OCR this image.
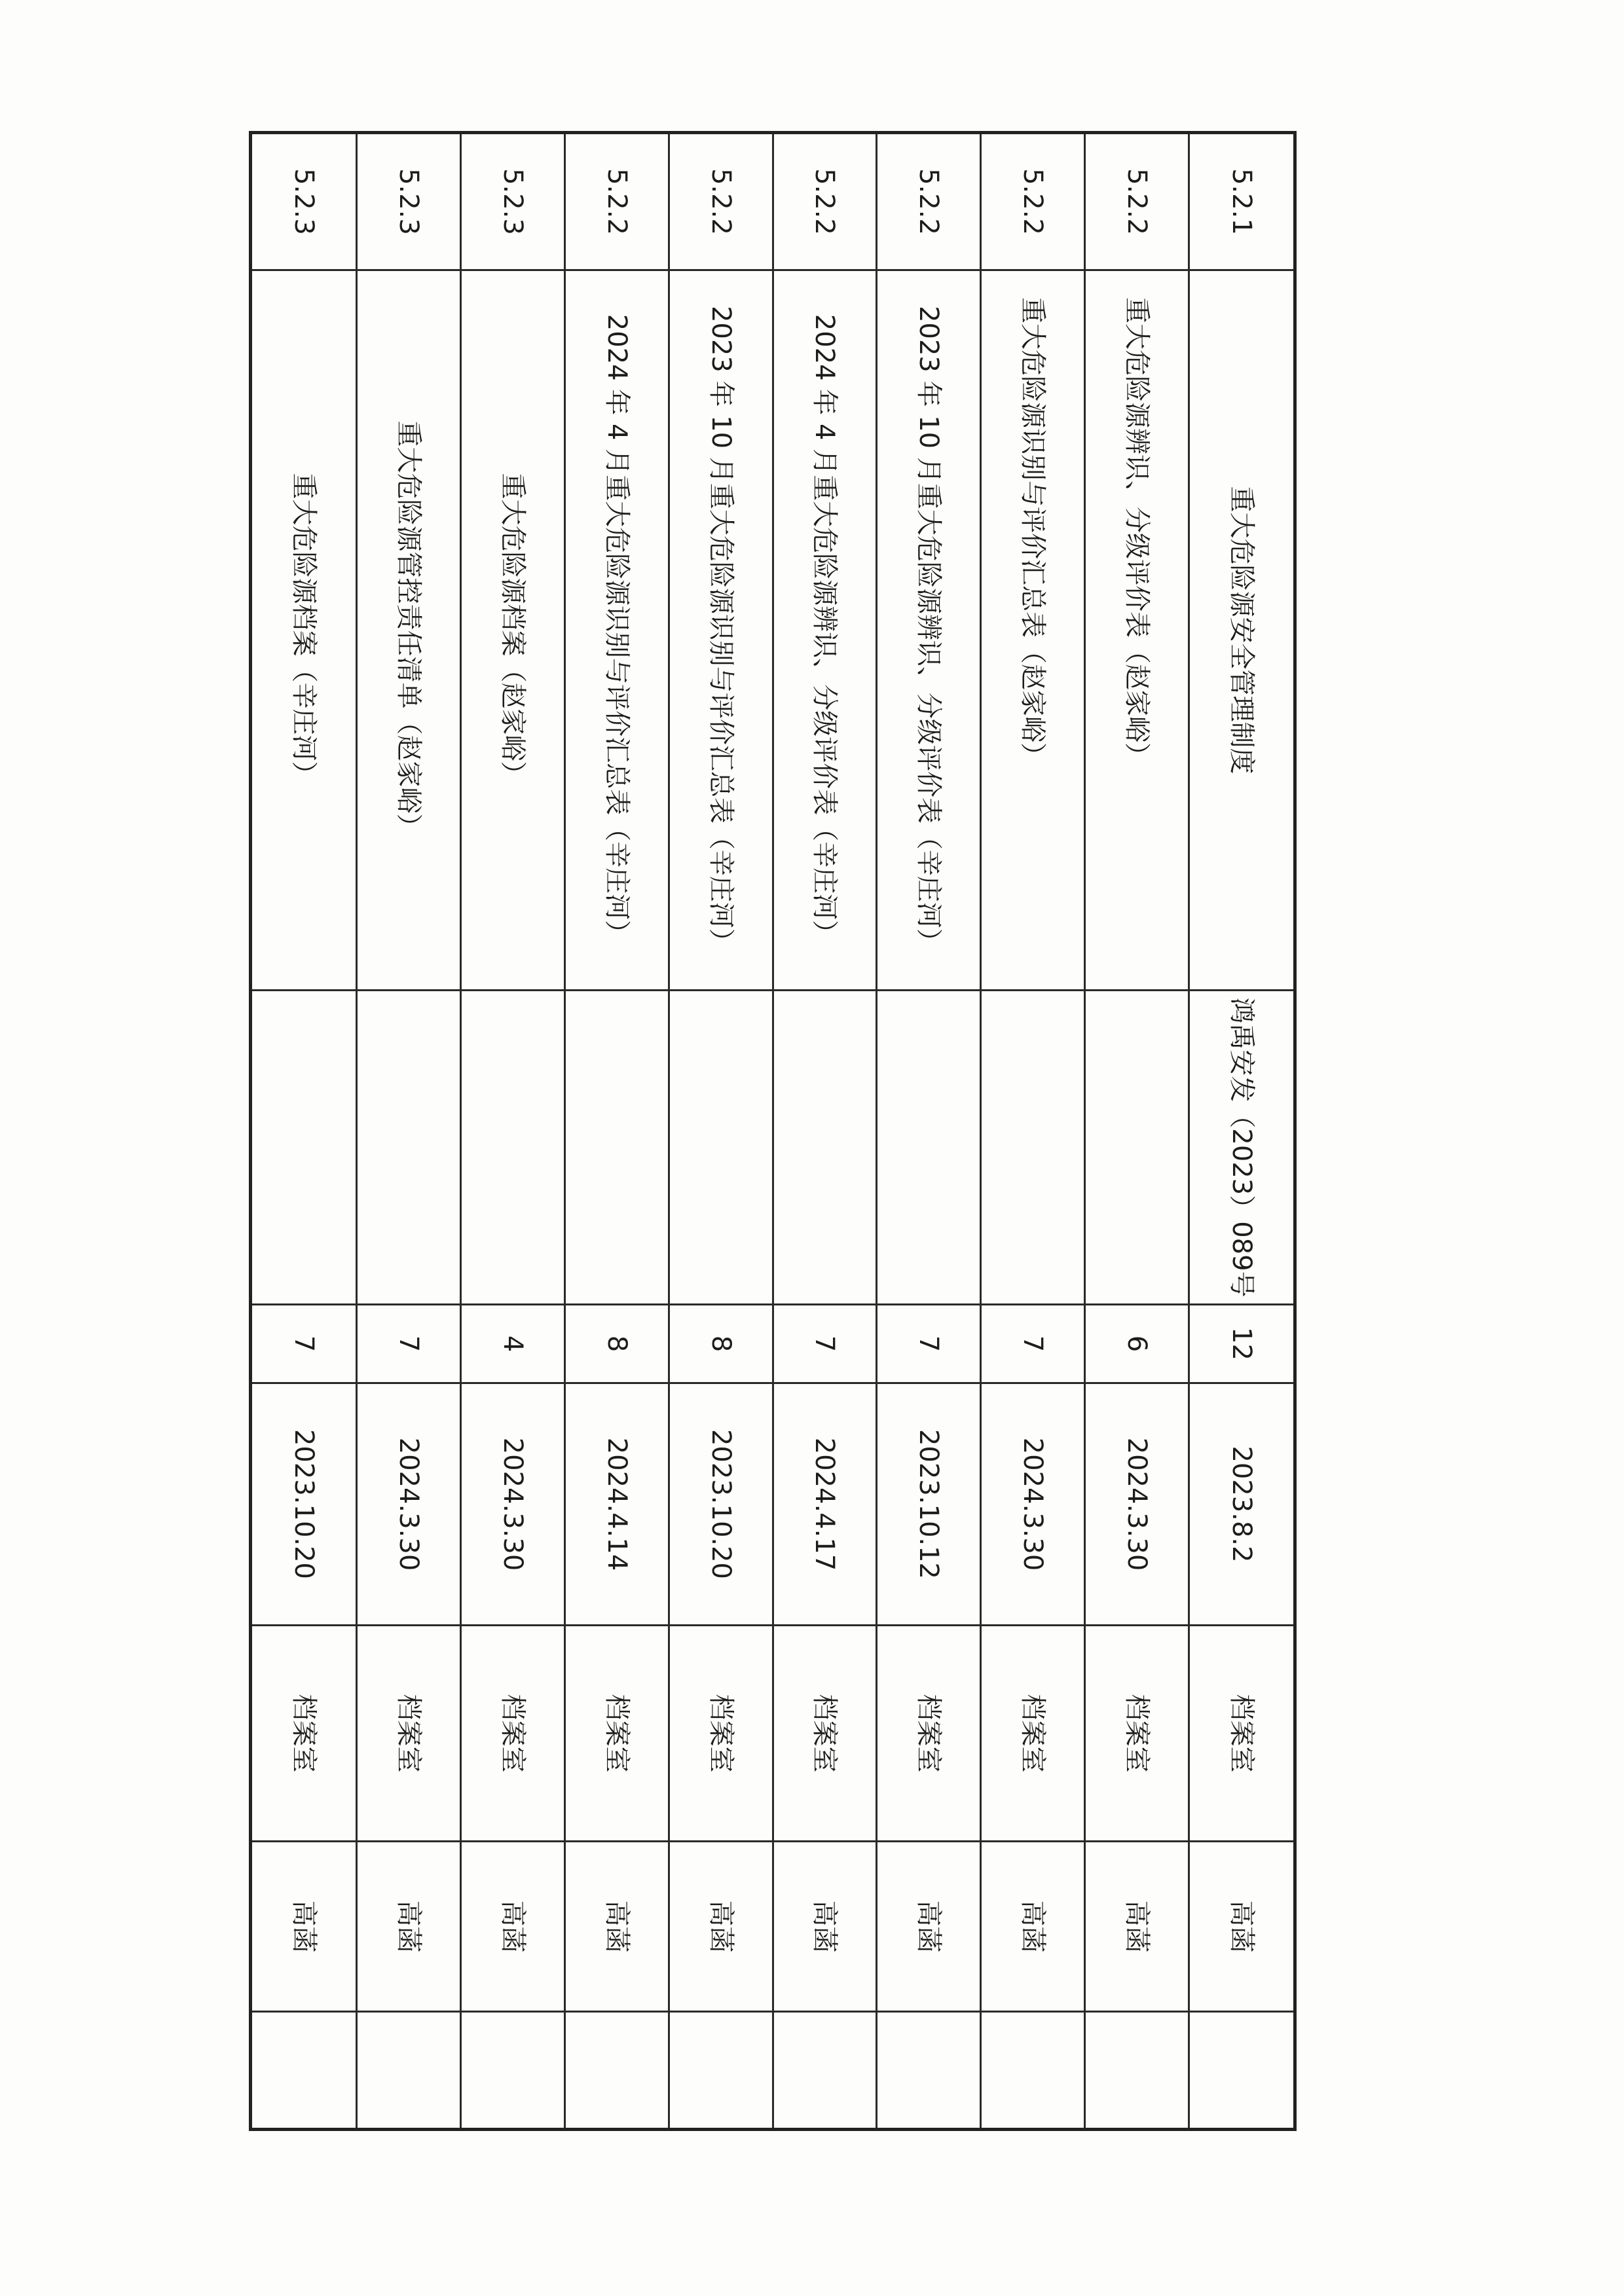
5.2.1	重大危险源安全管理制度	鸿禹安发（2023）089号	12	2023.8.2	档案室	高菡	
5.2.2	重大危险源辨识、分级评价表（赵家峪）		6	2024.3.30	档案室	高菡	
5.2.2	重大危险源识别与评价汇总表（赵家峪）		7	2024.3.30	档案室	高菡	
5.2.2	2023 年 10 月重大危险源辨识、分级评价表（辛庄河）		7	2023.10.12	档案室	高菡	
5.2.2	2024 年 4 月重大危险源辨识、分级评价表（辛庄河）		7	2024.4.17	档案室	高菡	
5.2.2	2023 年 10 月重大危险源识别与评价汇总表（辛庄河）		8	2023.10.20	档案室	高菡	
5.2.2	2024 年 4 月重大危险源识别与评价汇总表（辛庄河）		8	2024.4.14	档案室	高菡	
5.2.3	重大危险源档案（赵家峪）		4	2024.3.30	档案室	高菡	
5.2.3	重大危险源管控责任清单（赵家峪）		7	2024.3.30	档案室	高菡	
5.2.3	重大危险源档案（辛庄河）		7	2023.10.20	档案室	高菡	
